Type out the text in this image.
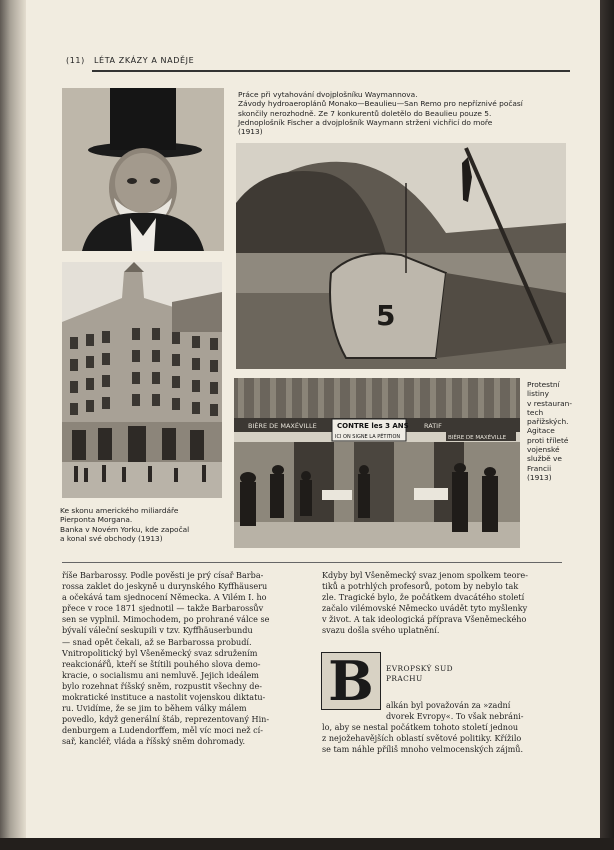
(11) LÉTA ZKÁZY A NADĚJE
Práce při vytahování dvojplošníku Waymannova.
Závody hydroaeroplánů Monako—Beaulieu—San Remo pro nepříznivé počasí
skončily nerozhodně. Ze 7 konkurentů doletělo do Beaulieu pouze 5.
Jednoplošník Fischer a dvojplošník Waymann strženi vichřicí do moře
(1913)
5
BIÈRE DE MAXÉVILLE	RATIF
CONTRE les 3 ANS
ICI ON SIGNE LA PÉTITION	BIÈRE DE MAXÉVILLE
Protestní
listiny
v restauran-
tech
pařížských.
Agitace
proti tříleté
vojenské
službě ve
Francii
(1913)
Ke skonu amerického miliardáře
Pierponta Morgana.
Banka v Novém Yorku, kde započal
a konal své obchody (1913)
říše Barbarossy. Podle pověsti je prý císař Barba-
rossa zaklet do jeskyně u durynského Kyffhäuseru
a očekává tam sjednocení Německa. A Vilém I. ho
přece v roce 1871 sjednotil — takže Barbarossův
sen se vyplnil. Mimochodem, po prohrané válce se
bývalí váleční seskupili v tzv. Kyffhäuserbundu
— snad opět čekali, až se Barbarossa probudí.
Vnitropolitický byl Všeněmecký svaz sdružením
reakcionářů, kteří se štítili pouhého slova demo-
kracie, o socialismu ani nemluvě. Jejich ideálem
bylo rozehnat říšský sněm, rozpustit všechny de-
mokratické instituce a nastolit vojenskou diktatu-
ru. Uvidíme, že se jim to během války málem
povedlo, když generální štáb, reprezentovaný Hin-
denburgem a Ludendorffem, měl víc moci než cí-
sař, kancléř, vláda a říšský sněm dohromady.
Kdyby byl Všeněmecký svaz jenom spolkem teore-
tiků a potrhlých profesorů, potom by nebylo tak
zle. Tragické bylo, že počátkem dvacátého století
začalo vilémovské Německo uvádět tyto myšlenky
v život. A tak ideologická příprava Všeněmeckého
svazu došla svého uplatnění.
B	EVROPSKÝ SUD
PRACHU
alkán byl považován za »zadní
dvorek Evropy«. To však nebráni-
lo, aby se nestal počátkem tohoto století jednou
z nejožehavějších oblastí světové politiky. Křížilo
se tam náhle příliš mnoho velmocenských zájmů.
